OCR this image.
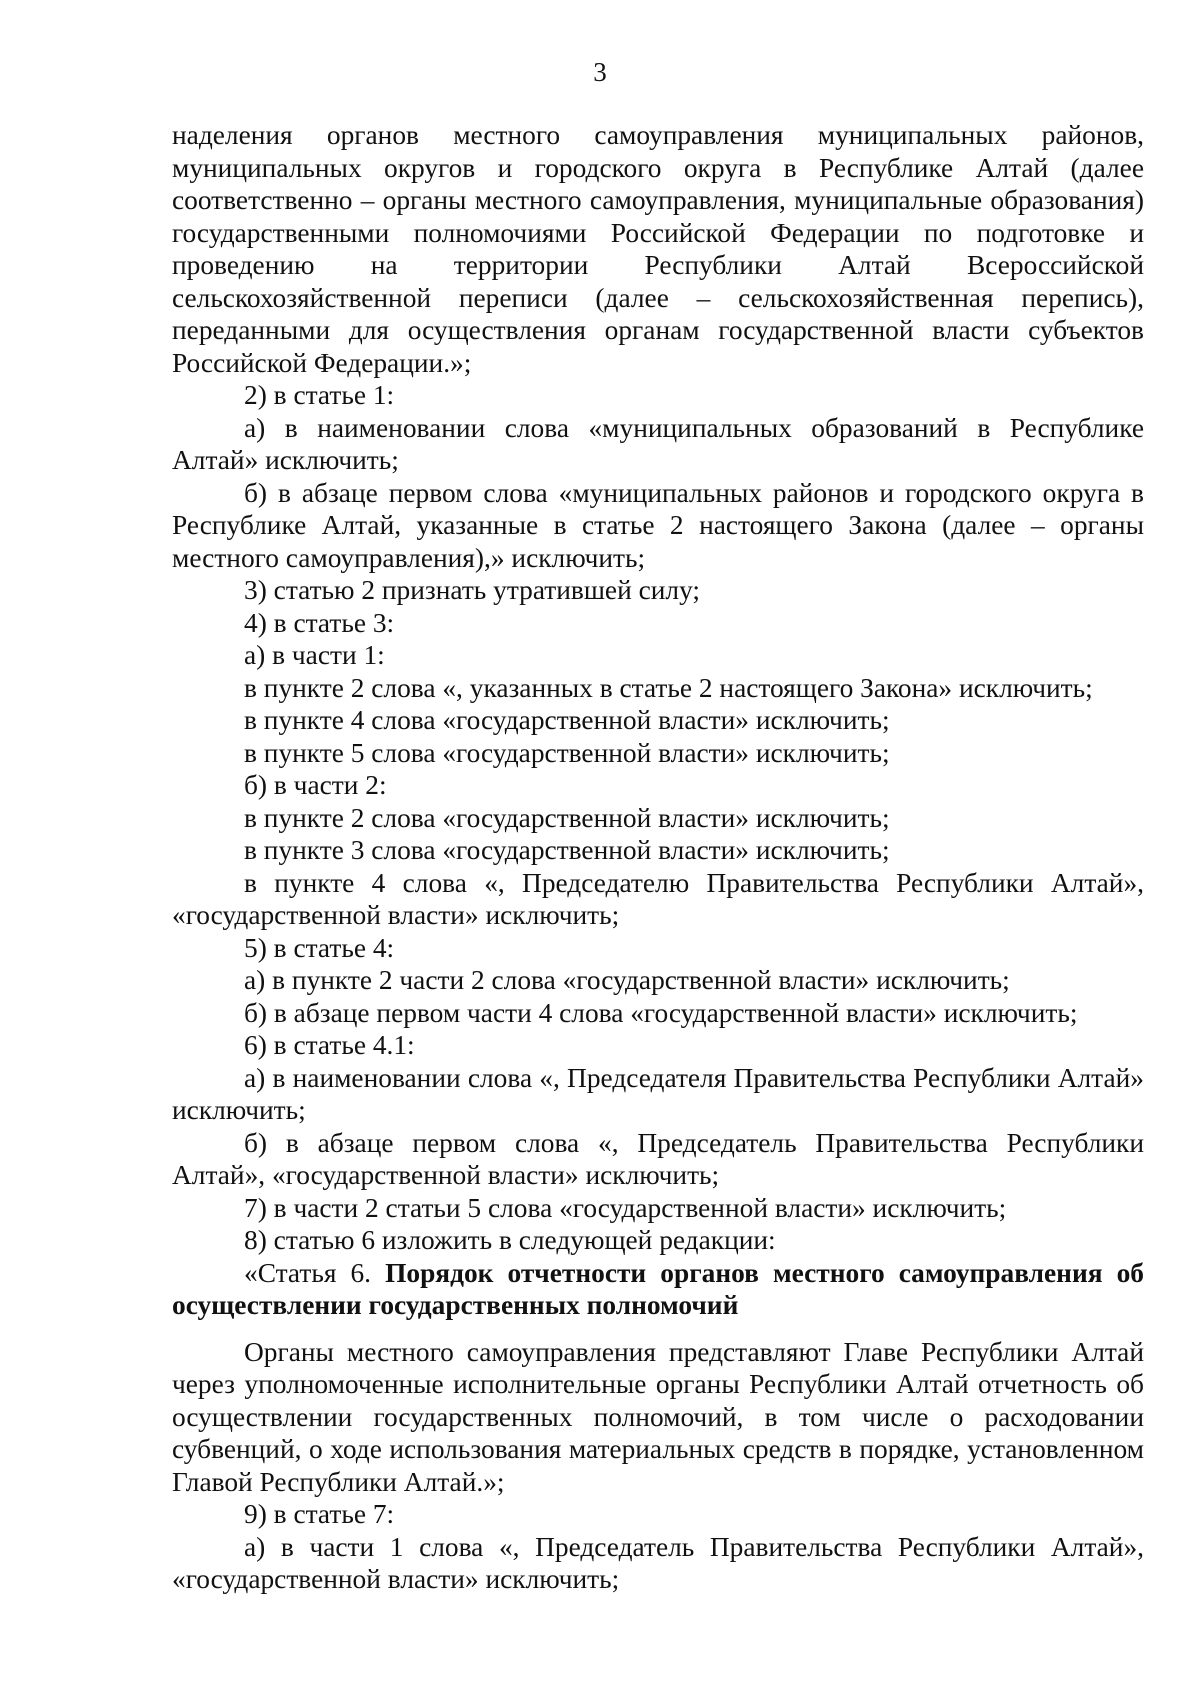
3

наделения органов местного самоуправления муниципальных районов, муниципальных округов и городского округа в Республике Алтай (далее соответственно – органы местного самоуправления, муниципальные образования) государственными полномочиями Российской Федерации по подготовке и проведению на территории Республики Алтай Всероссийской сельскохозяйственной переписи (далее – сельскохозяйственная перепись), переданными для осуществления органам государственной власти субъектов Российской Федерации.»;

2) в статье 1:

а) в наименовании слова «муниципальных образований в Республике Алтай» исключить;

б) в абзаце первом слова «муниципальных районов и городского округа в Республике Алтай, указанные в статье 2 настоящего Закона (далее – органы местного самоуправления),» исключить;

3) статью 2 признать утратившей силу;

4) в статье 3:

а) в части 1:

в пункте 2 слова «, указанных в статье 2 настоящего Закона» исключить;

в пункте 4 слова «государственной власти» исключить;

в пункте 5 слова «государственной власти» исключить;

б) в части 2:

в пункте 2 слова «государственной власти» исключить;

в пункте 3 слова «государственной власти» исключить;

в пункте 4 слова «, Председателю Правительства Республики Алтай», «государственной власти» исключить;

5) в статье 4:

а) в пункте 2 части 2 слова «государственной власти» исключить;

б) в абзаце первом части 4 слова «государственной власти» исключить;

6) в статье 4.1:

а) в наименовании слова «, Председателя Правительства Республики Алтай» исключить;

б) в абзаце первом слова «, Председатель Правительства Республики Алтай», «государственной власти» исключить;

7) в части 2 статьи 5 слова «государственной власти» исключить;

8) статью 6 изложить в следующей редакции:

«Статья 6. Порядок отчетности органов местного самоуправления об осуществлении государственных полномочий

Органы местного самоуправления представляют Главе Республики Алтай через уполномоченные исполнительные органы Республики Алтай отчетность об осуществлении государственных полномочий, в том числе о расходовании субвенций, о ходе использования материальных средств в порядке, установленном Главой Республики Алтай.»;

9) в статье 7:

а) в части 1 слова «, Председатель Правительства Республики Алтай», «государственной власти» исключить;
